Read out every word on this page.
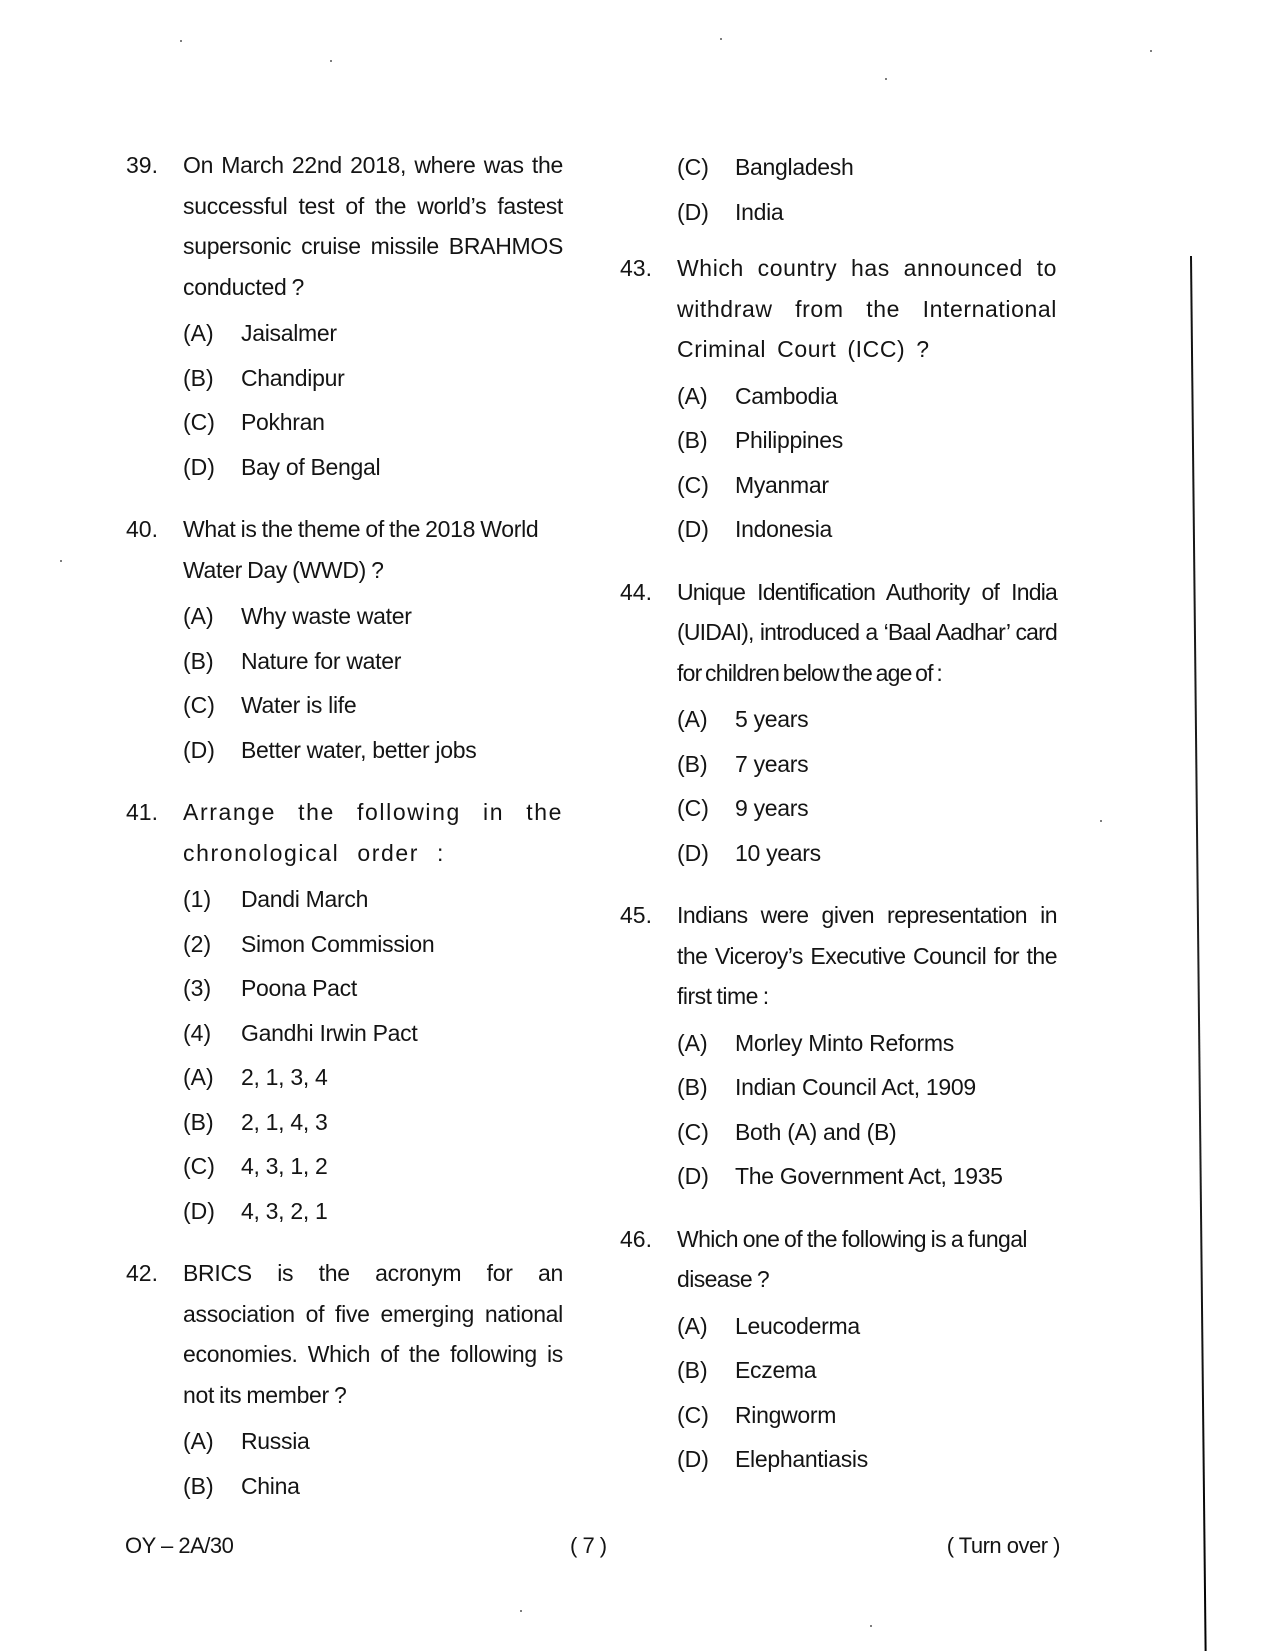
39.	On March 22nd 2018, where was the successful test of the world’s fastest supersonic cruise missile BRAHMOS conducted ?
(A)	Jaisalmer
(B)	Chandipur
(C)	Pokhran
(D)	Bay of Bengal
40.	What is the theme of the 2018 World Water Day (WWD) ?
(A)	Why waste water
(B)	Nature for water
(C)	Water is life
(D)	Better water, better jobs
41.	Arrange the following in the chronological order :
(1)	Dandi March
(2)	Simon Commission
(3)	Poona Pact
(4)	Gandhi Irwin Pact
(A)	2, 1, 3, 4
(B)	2, 1, 4, 3
(C)	4, 3, 1, 2
(D)	4, 3, 2, 1
42.	BRICS is the acronym for an association of five emerging national economies. Which of the following is not its member ?
(A)	Russia
(B)	China
(C)	Bangladesh
(D)	India
43.	Which country has announced to withdraw from the International Criminal Court (ICC) ?
(A)	Cambodia
(B)	Philippines
(C)	Myanmar
(D)	Indonesia
44.	Unique Identification Authority of India (UIDAI), introduced a ‘Baal Aadhar’ card for children below the age of :
(A)	5 years
(B)	7 years
(C)	9 years
(D)	10 years
45.	Indians were given representation in the Viceroy’s Executive Council for the first time :
(A)	Morley Minto Reforms
(B)	Indian Council Act, 1909
(C)	Both (A) and (B)
(D)	The Government Act, 1935
46.	Which one of the following is a fungal disease ?
(A)	Leucoderma
(B)	Eczema
(C)	Ringworm
(D)	Elephantiasis
OY – 2A/30	( 7 )	( Turn over )
